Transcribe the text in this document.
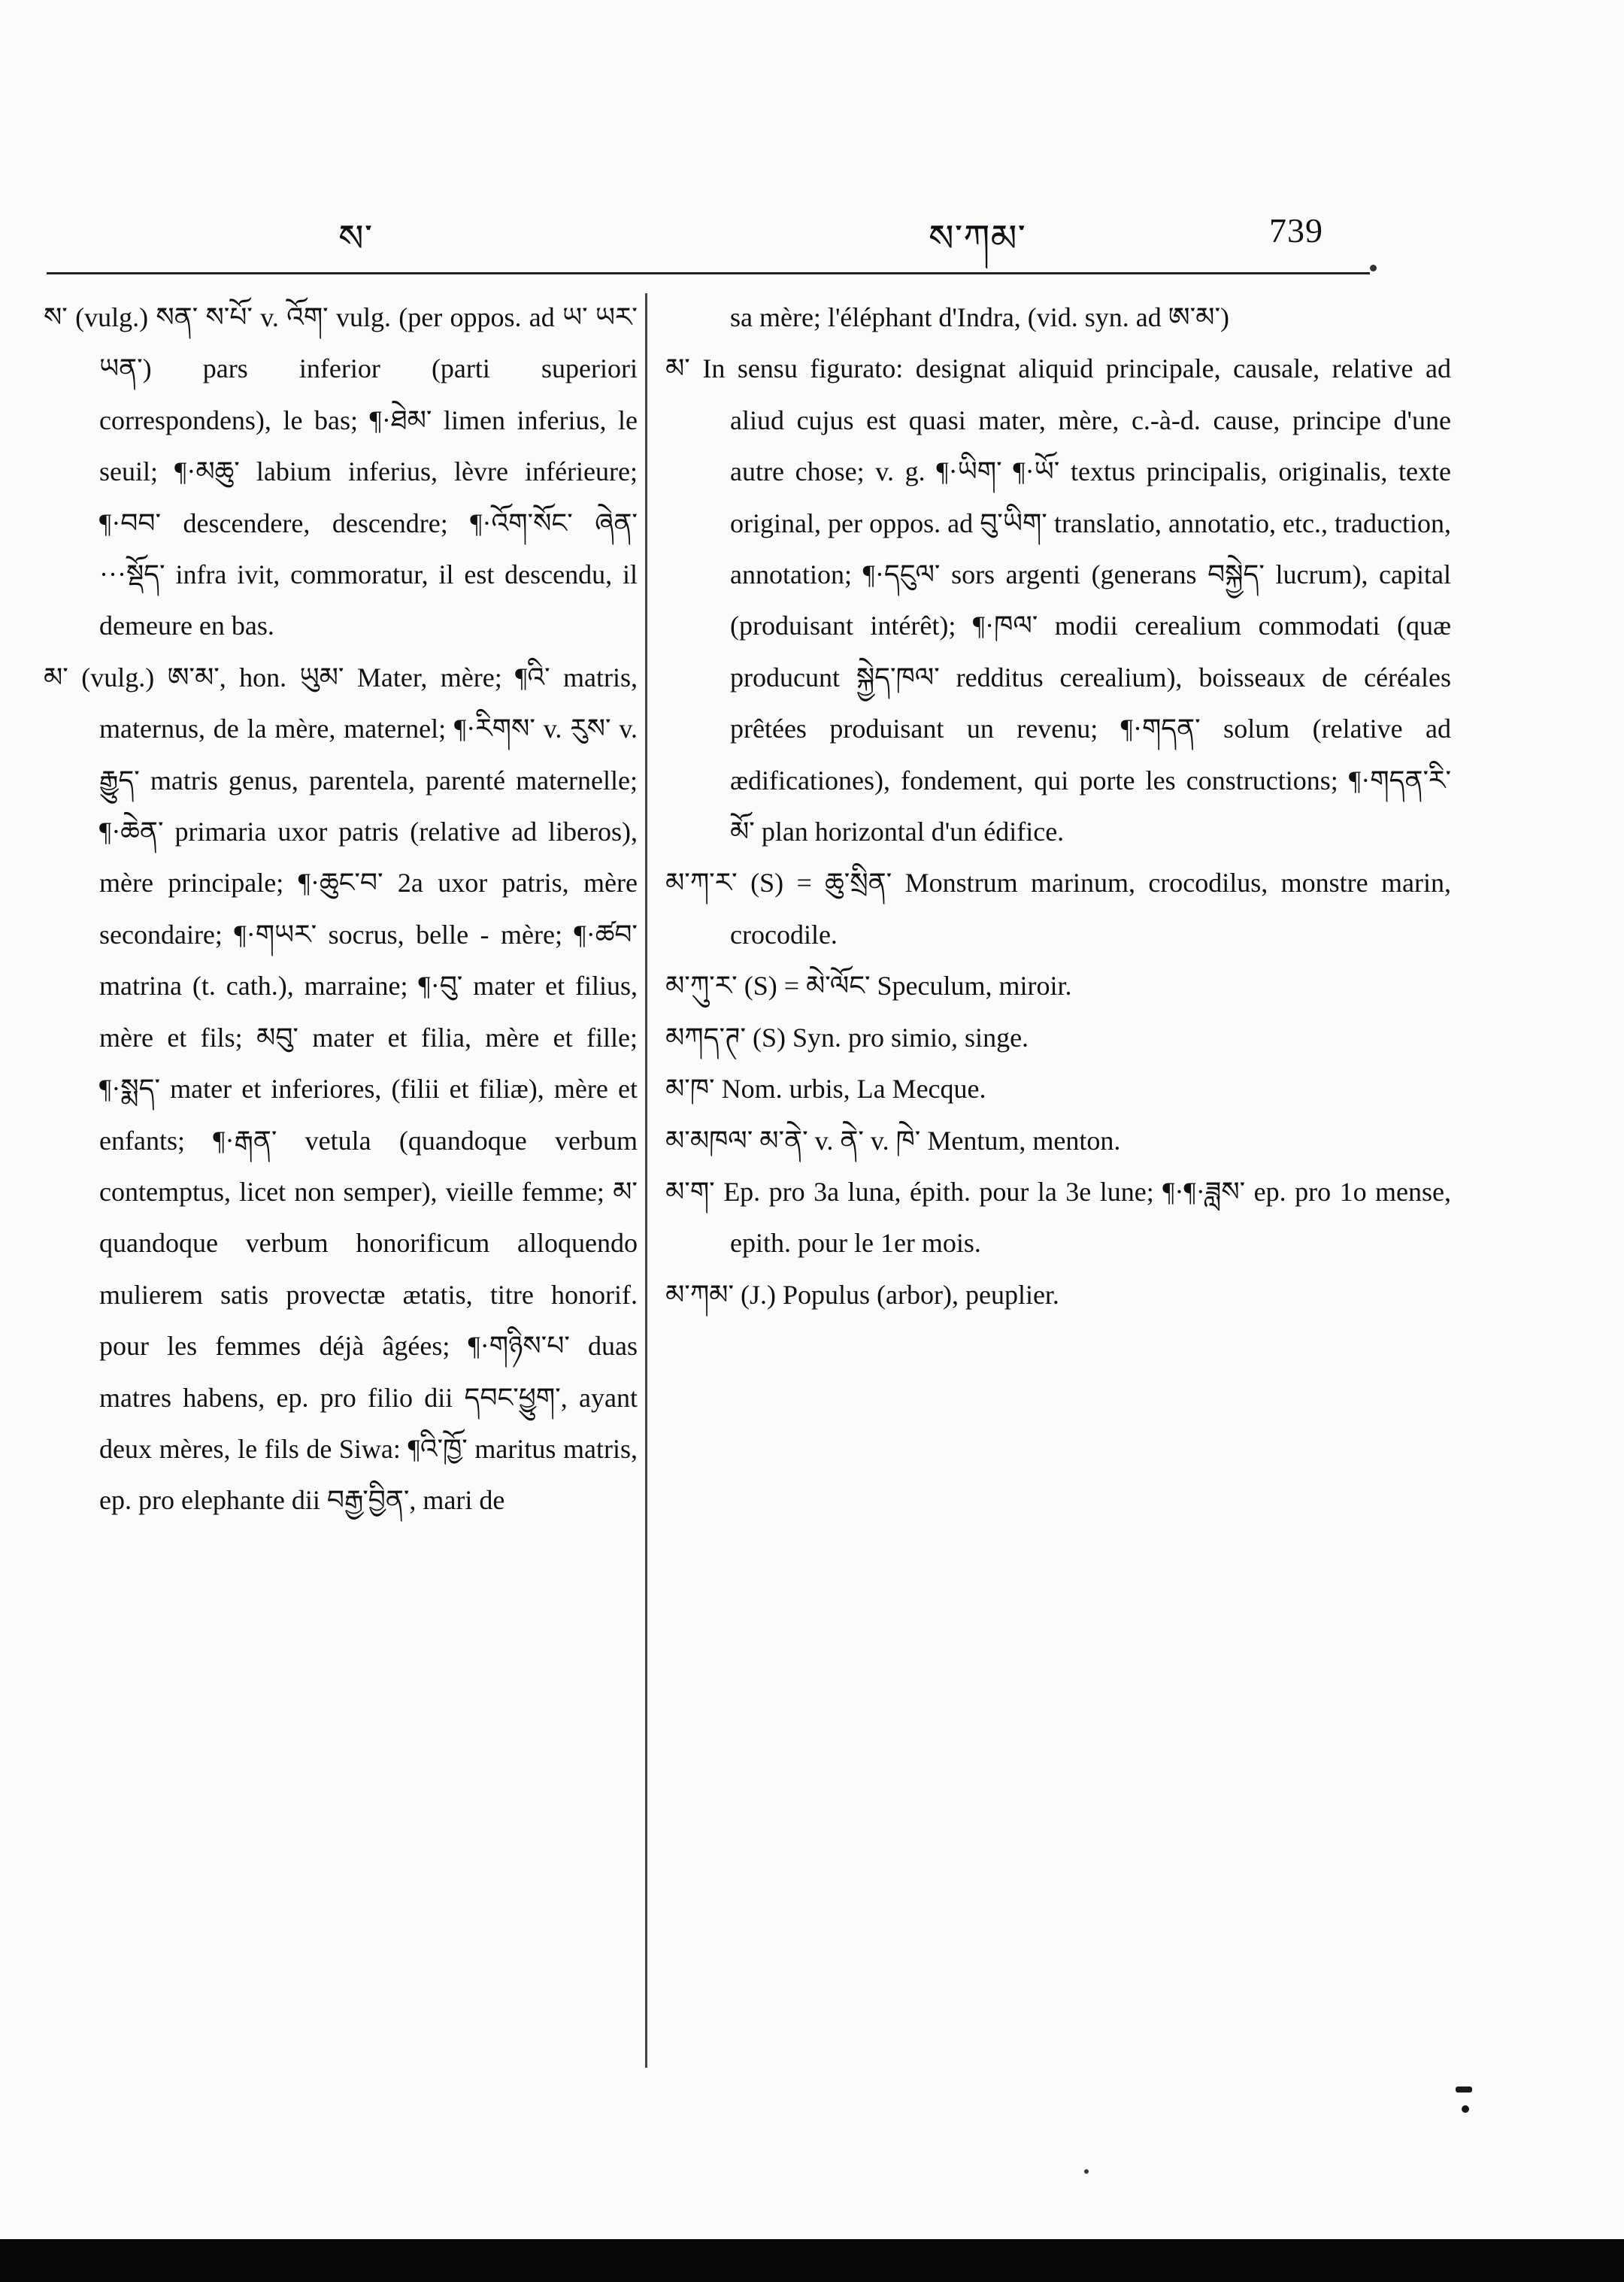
ས་	ས་ཀམ་	739

ས་ (vulg.) སན་ ས་པོ་ v. འོག་ vulg. (per oppos. ad ཡ་ ཡར་ ཡན་) pars inferior (parti superiori correspondens), le bas; ¶·ཐེམ་ limen inferius, le seuil; ¶·མཆུ་ labium inferius, lèvre inférieure; ¶·བབ་ descendere, descendre; ¶·འོག་སོང་ ཞེན་···སྡོད་ infra ivit, commoratur, il est descendu, il demeure en bas.

མ་ (vulg.) ཨ་མ་, hon. ཡུམ་ Mater, mère; ¶འི་ matris, maternus, de la mère, maternel; ¶·རིགས་ v. རུས་ v. རྒྱུད་ matris genus, parentela, parenté maternelle; ¶·ཆེན་ primaria uxor patris (relative ad liberos), mère principale; ¶·ཆུང་བ་ 2a uxor patris, mère secondaire; ¶·གཡར་ socrus, belle - mère; ¶·ཚབ་ matrina (t. cath.), marraine; ¶·བུ་ mater et filius, mère et fils; མབུ་ mater et filia, mère et fille; ¶·སྨད་ mater et inferiores, (filii et filiæ), mère et enfants; ¶·རྒན་ vetula (quandoque verbum contemptus, licet non semper), vieille femme; མ་ quandoque verbum honorificum alloquendo mulierem satis provectæ ætatis, titre honorif. pour les femmes déjà âgées; ¶·གཉིས་པ་ duas matres habens, ep. pro filio dii དབང་ཕྱུག་, ayant deux mères, le fils de Siwa: ¶འི་ཁྱོ་ maritus matris, ep. pro elephante dii བརྒྱ་བྱིན་, mari de

sa mère; l'éléphant d'Indra, (vid. syn. ad ཨ་མ་)

མ་ In sensu figurato: designat aliquid principale, causale, relative ad aliud cujus est quasi mater, mère, c.-à-d. cause, principe d'une autre chose; v. g. ¶·ཡིག་ ¶·ཡོ་ textus principalis, originalis, texte original, per oppos. ad བུ་ཡིག་ translatio, annotatio, etc., traduction, annotation; ¶·དངུལ་ sors argenti (generans བསྐྱེད་ lucrum), capital (produisant intérêt); ¶·ཁལ་ modii cerealium commodati (quæ producunt སྐྱེད་ཁལ་ redditus cerealium), boisseaux de céréales prêtées produisant un revenu; ¶·གདན་ solum (relative ad ædificationes), fondement, qui porte les constructions; ¶·གདན་རི་མོ་ plan horizontal d'un édifice.

མ་ཀ་ར་ (S) = ཆུ་སྲིན་ Monstrum marinum, crocodilus, monstre marin, crocodile.

མ་ཀུ་ར་ (S) = མེ་ལོང་ Speculum, miroir.

མཀད་ཊ་ (S) Syn. pro simio, singe.

མ་ཁ་ Nom. urbis, La Mecque.

མ་མཁལ་ མ་ནེ་ v. ནེ་ v. ཁེ་ Mentum, menton.

མ་ག་ Ep. pro 3a luna, épith. pour la 3e lune; ¶·¶·ཟླས་ ep. pro 1o mense, epith. pour le 1er mois.

མ་ཀམ་ (J.) Populus (arbor), peuplier.
